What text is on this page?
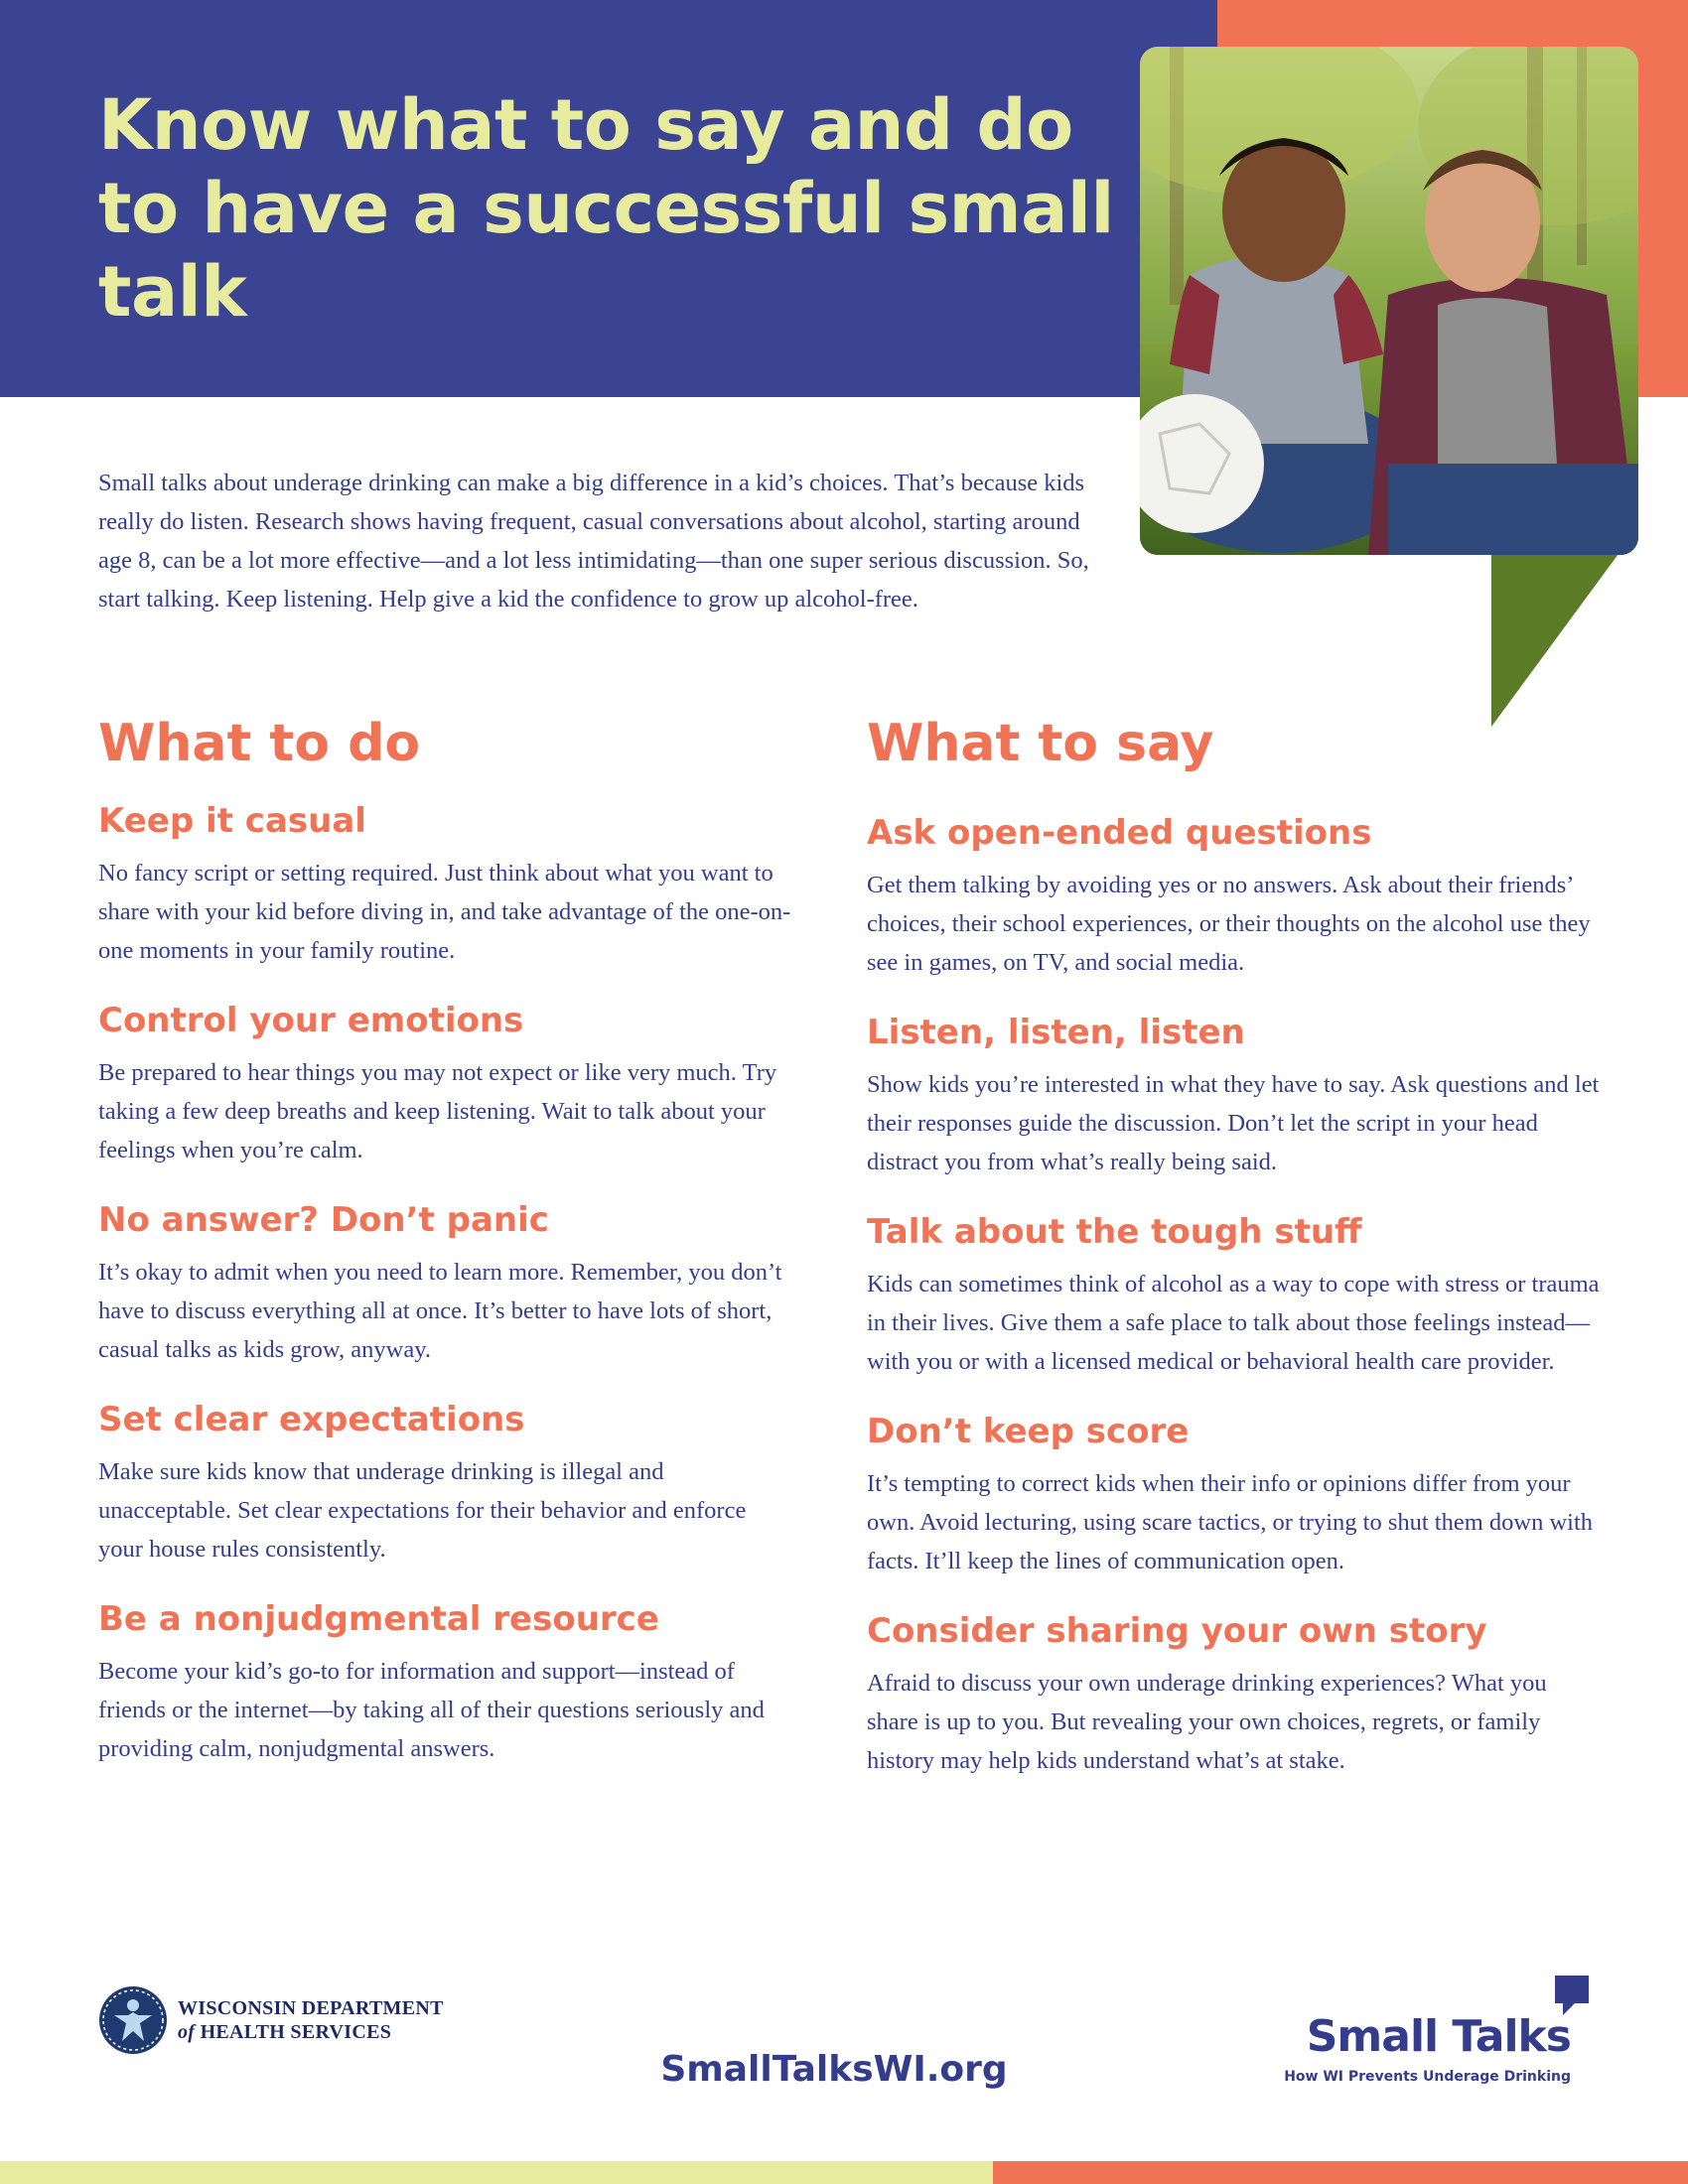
Know what to say and do to have a successful small talk

Small talks about underage drinking can make a big difference in a kid’s choices. That’s because kids really do listen. Research shows having frequent, casual conversations about alcohol, starting around age 8, can be a lot more effective—and a lot less intimidating—than one super serious discussion. So, start talking. Keep listening. Help give a kid the confidence to grow up alcohol-free.

What to do
Keep it casual

No fancy script or setting required. Just think about what you want to share with your kid before diving in, and take advantage of the one-on-one moments in your family routine.

Control your emotions

Be prepared to hear things you may not expect or like very much. Try taking a few deep breaths and keep listening. Wait to talk about your feelings when you’re calm.

No answer? Don’t panic

It’s okay to admit when you need to learn more. Remember, you don’t have to discuss everything all at once. It’s better to have lots of short, casual talks as kids grow, anyway.

Set clear expectations

Make sure kids know that underage drinking is illegal and unacceptable. Set clear expectations for their behavior and enforce your house rules consistently.

Be a nonjudgmental resource

Become your kid’s go-to for information and support—instead of friends or the internet—by taking all of their questions seriously and providing calm, nonjudgmental answers.

What to say
Ask open-ended questions

Get them talking by avoiding yes or no answers. Ask about their friends’ choices, their school experiences, or their thoughts on the alcohol use they see in games, on TV, and social media.

Listen, listen, listen

Show kids you’re interested in what they have to say. Ask questions and let their responses guide the discussion. Don’t let the script in your head distract you from what’s really being said.

Talk about the tough stuff

Kids can sometimes think of alcohol as a way to cope with stress or trauma in their lives. Give them a safe place to talk about those feelings instead—with you or with a licensed medical or behavioral health care provider.

Don’t keep score

It’s tempting to correct kids when their info or opinions differ from your own. Avoid lecturing, using scare tactics, or trying to shut them down with facts. It’ll keep the lines of communication open.

Consider sharing your own story

Afraid to discuss your own underage drinking experiences? What you share is up to you. But revealing your own choices, regrets, or family history may help kids understand what’s at stake.

WISCONSIN DEPARTMENT

of HEALTH SERVICES

SmallTalksWI.org

Small Talks

How WI Prevents Underage Drinking
